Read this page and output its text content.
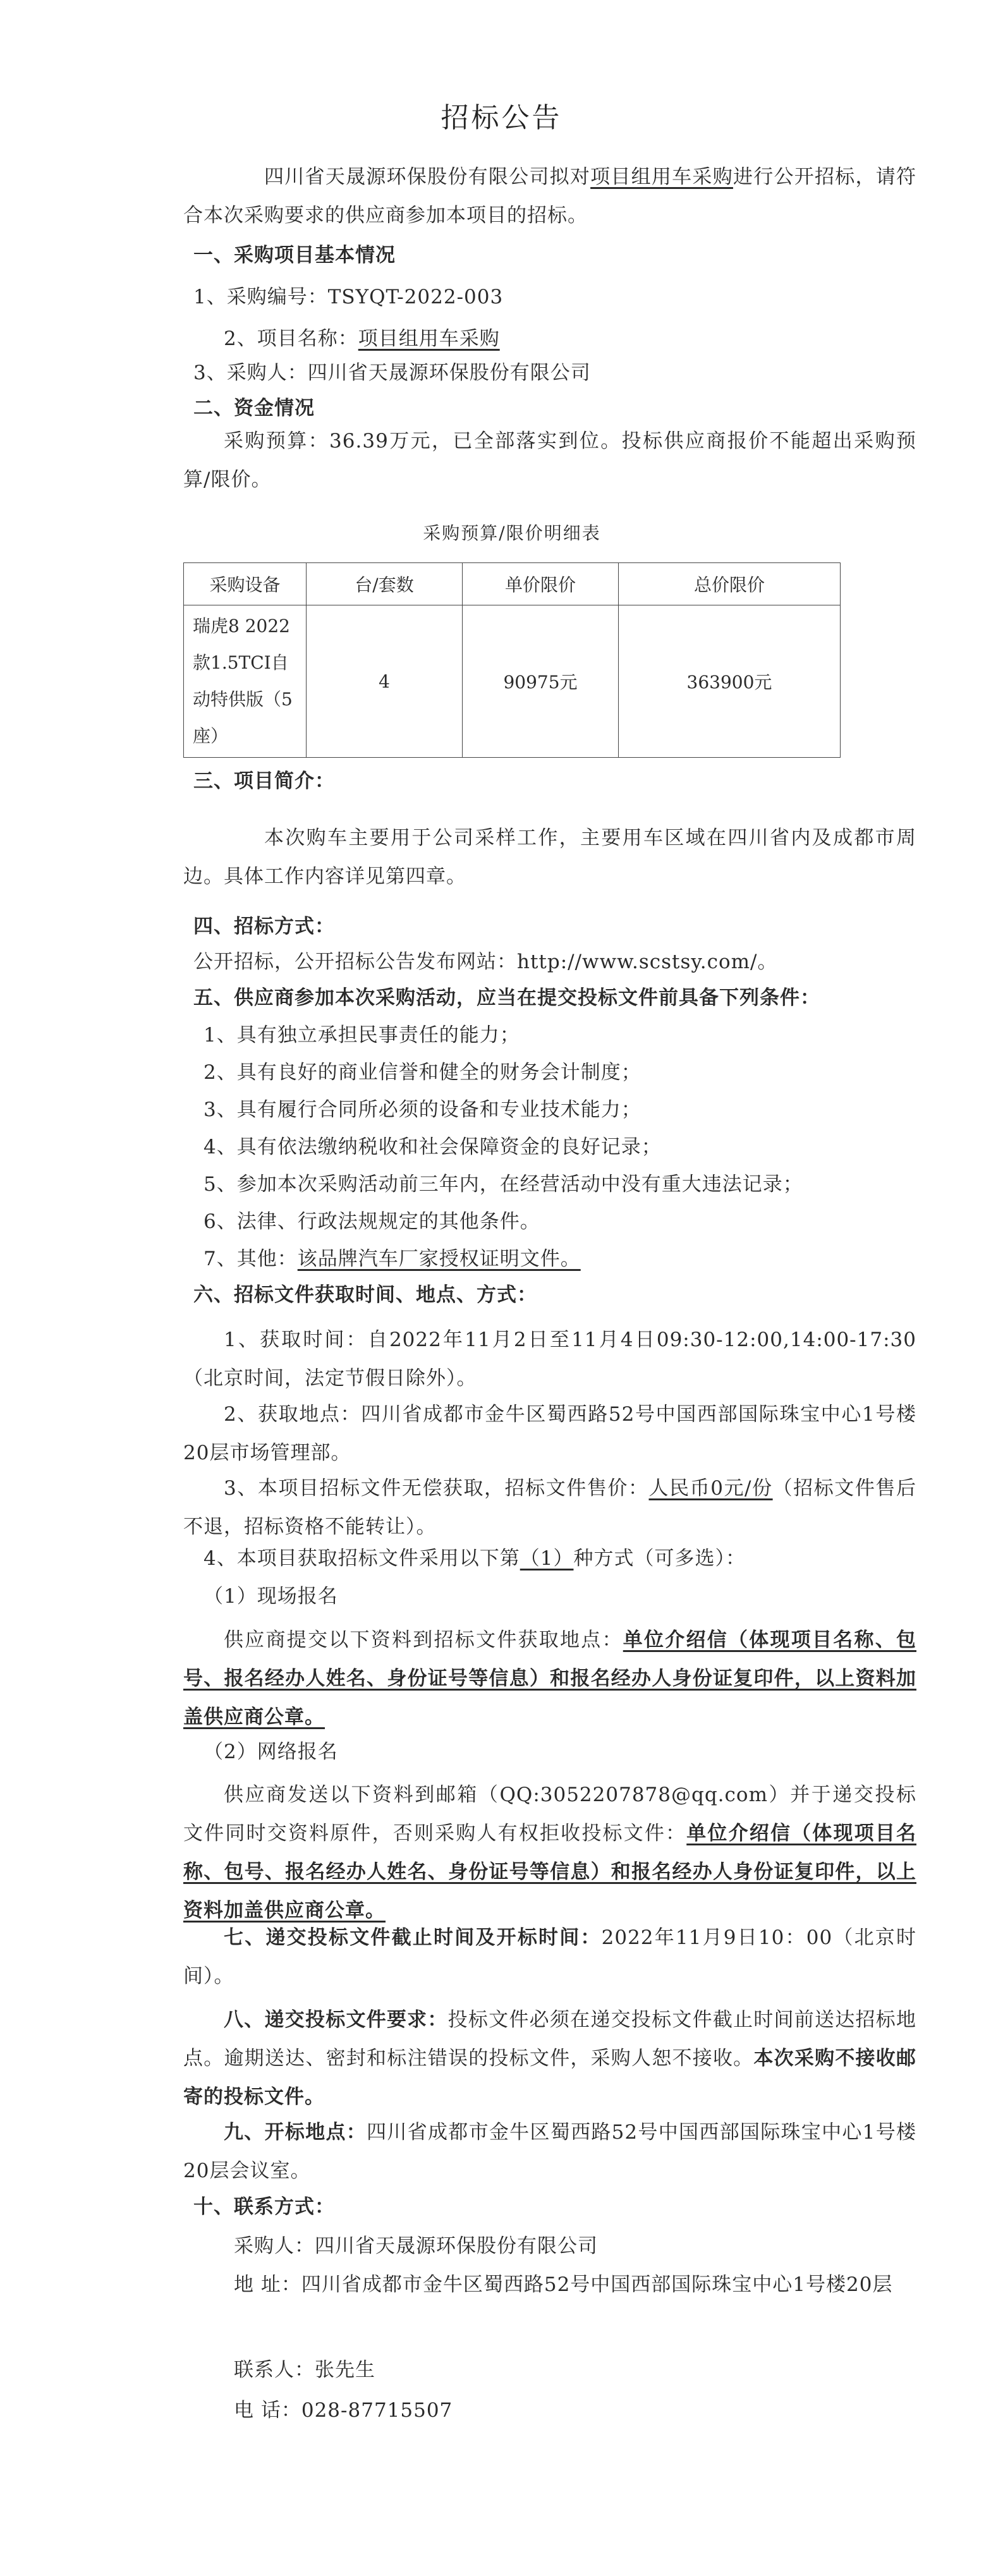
招标公告

四川省天晟源环保股份有限公司拟对项目组用车采购进行公开招标，请符合本次采购要求的供应商参加本项目的招标。

一、采购项目基本情况
1、采购编号：TSYQT-2022-003
2、项目名称：项目组用车采购
3、采购人：四川省天晟源环保股份有限公司
二、资金情况

采购预算：36.39万元，已全部落实到位。投标供应商报价不能超出采购预算/限价。

采购预算/限价明细表
采购设备	台/套数	单价限价	总价限价
瑞虎8 2022款1.5TCI自动特供版（5座）	4	90975元	363900元
三、项目简介：

本次购车主要用于公司采样工作，主要用车区域在四川省内及成都市周边。具体工作内容详见第四章。

四、招标方式：
公开招标，公开招标公告发布网站：http://www.scstsy.com/。
五、供应商参加本次采购活动，应当在提交投标文件前具备下列条件：
1、具有独立承担民事责任的能力；
2、具有良好的商业信誉和健全的财务会计制度；
3、具有履行合同所必须的设备和专业技术能力；
4、具有依法缴纳税收和社会保障资金的良好记录；
5、参加本次采购活动前三年内，在经营活动中没有重大违法记录；
6、法律、行政法规规定的其他条件。
7、其他：该品牌汽车厂家授权证明文件。
六、招标文件获取时间、地点、方式：

1、获取时间：自2022年11月2日至11月4日09:30-12:00,14:00-17:30（北京时间，法定节假日除外）。

2、获取地点：四川省成都市金牛区蜀西路52号中国西部国际珠宝中心1号楼20层市场管理部。

3、本项目招标文件无偿获取，招标文件售价：人民币0元/份（招标文件售后不退，招标资格不能转让）。

4、本项目获取招标文件采用以下第（1）种方式（可多选）：
（1）现场报名

供应商提交以下资料到招标文件获取地点：单位介绍信（体现项目名称、包号、报名经办人姓名、身份证号等信息）和报名经办人身份证复印件，以上资料加盖供应商公章。

（2）网络报名

供应商发送以下资料到邮箱（QQ:3052207878@qq.com）并于递交投标文件同时交资料原件，否则采购人有权拒收投标文件：单位介绍信（体现项目名称、包号、报名经办人姓名、身份证号等信息）和报名经办人身份证复印件，以上资料加盖供应商公章。

七、递交投标文件截止时间及开标时间：2022年11月9日10：00（北京时间）。

八、递交投标文件要求：投标文件必须在递交投标文件截止时间前送达招标地点。逾期送达、密封和标注错误的投标文件，采购人恕不接收。本次采购不接收邮寄的投标文件。

九、开标地点：四川省成都市金牛区蜀西路52号中国西部国际珠宝中心1号楼20层会议室。

十、联系方式：
采购人：四川省天晟源环保股份有限公司

地 址：四川省成都市金牛区蜀西路52号中国西部国际珠宝中心1号楼20层

联系人：张先生
电 话：028-87715507
